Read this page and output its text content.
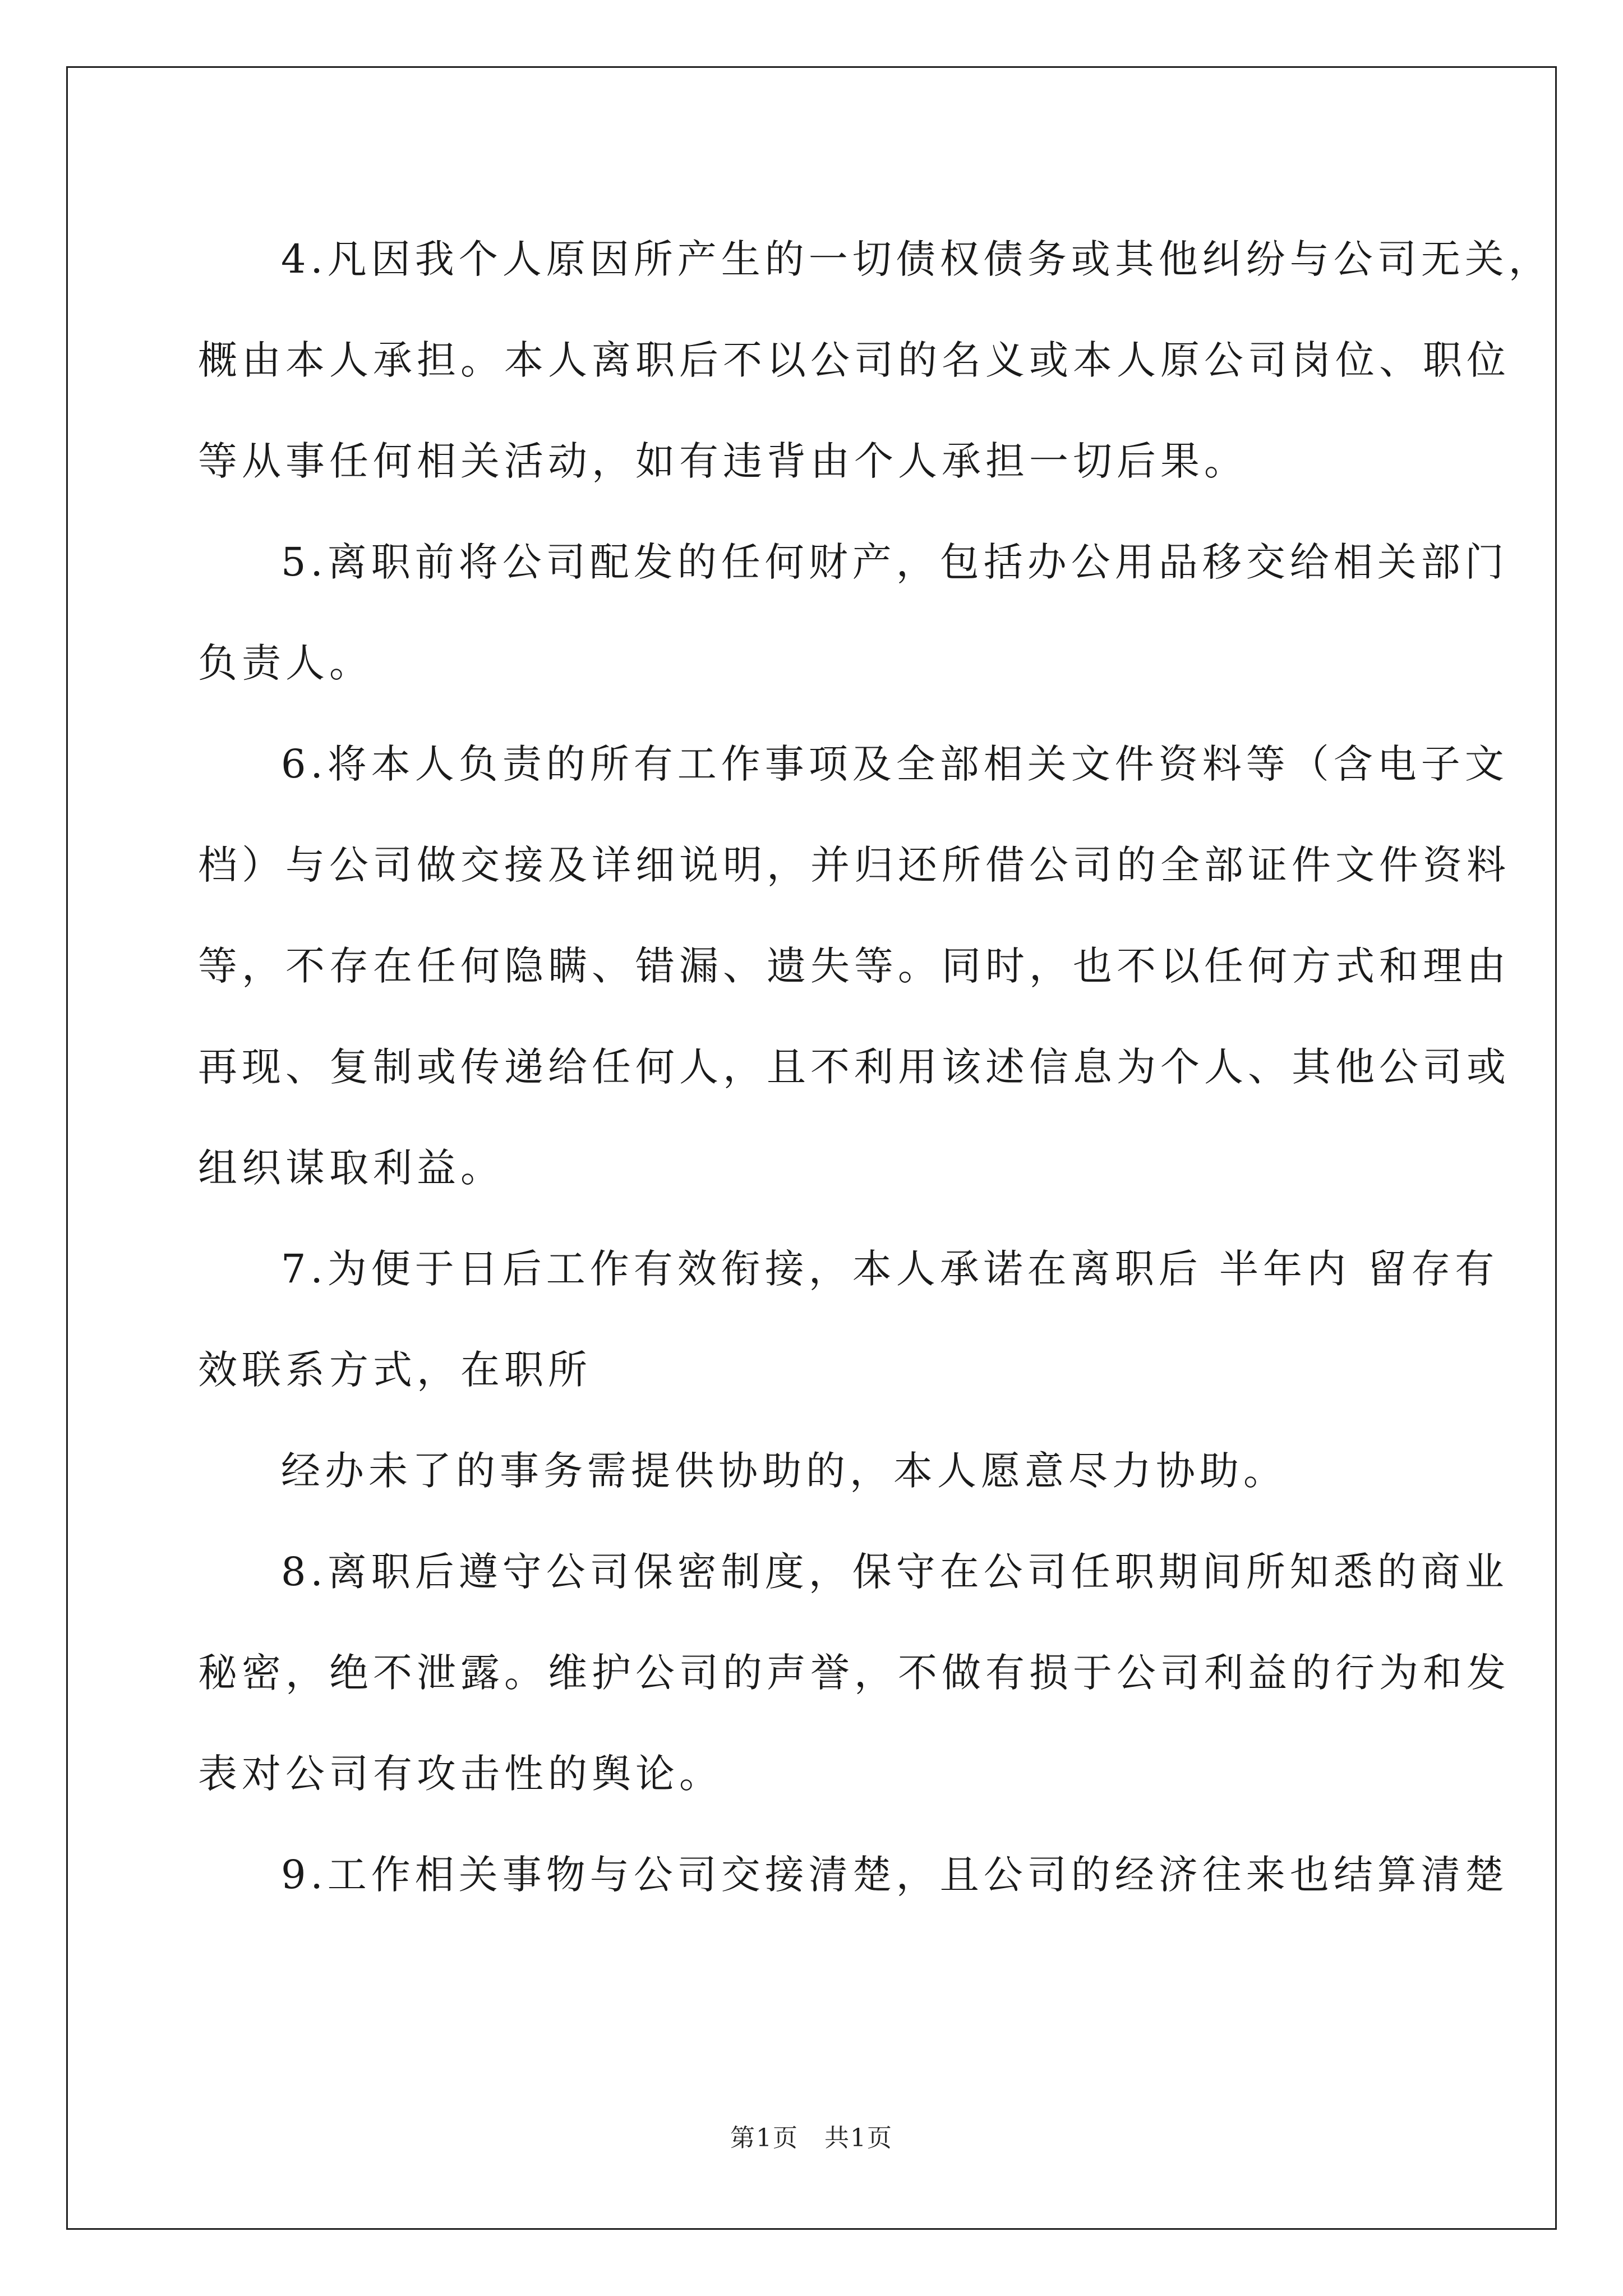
4.凡因我个人原因所产生的一切债权债务或其他纠纷与公司无关，
概由本人承担。本人离职后不以公司的名义或本人原公司岗位、职位
等从事任何相关活动，如有违背由个人承担一切后果。
5.离职前将公司配发的任何财产，包括办公用品移交给相关部门
负责人。
6.将本人负责的所有工作事项及全部相关文件资料等（含电子文
档）与公司做交接及详细说明，并归还所借公司的全部证件文件资料
等，不存在任何隐瞒、错漏、遗失等。同时，也不以任何方式和理由
再现、复制或传递给任何人，且不利用该述信息为个人、其他公司或
组织谋取利益。
7.为便于日后工作有效衔接，本人承诺在离职后 半年内 留存有
效联系方式，在职所
经办未了的事务需提供协助的，本人愿意尽力协助。
8.离职后遵守公司保密制度，保守在公司任职期间所知悉的商业
秘密，绝不泄露。维护公司的声誉，不做有损于公司利益的行为和发
表对公司有攻击性的舆论。
9.工作相关事物与公司交接清楚，且公司的经济往来也结算清楚
第1页　共1页
